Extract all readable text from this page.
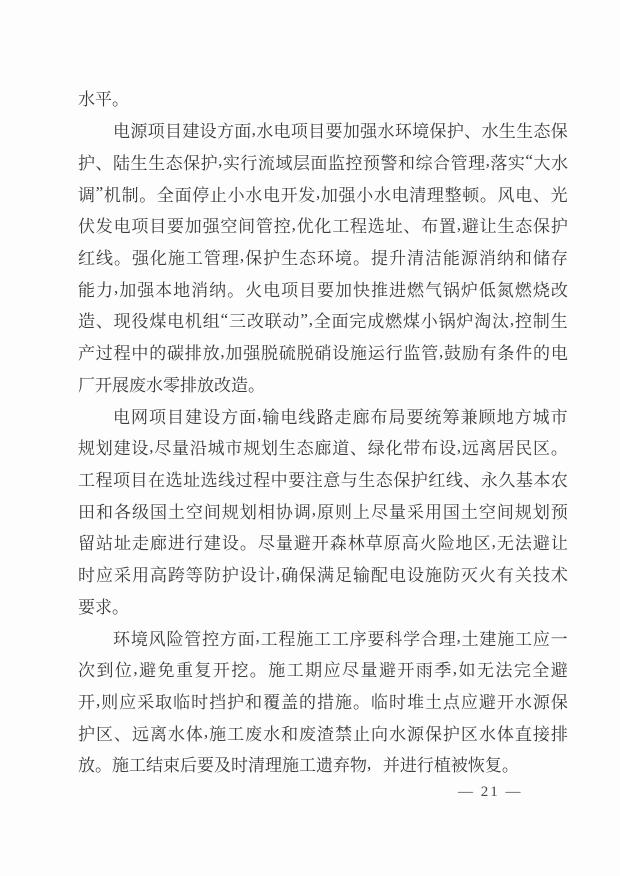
水 平 。
电 源 项 目 建 设 方 面 , 水 电 项 目 要 加 强 水 环 境 保 护 、 水 生 生 态 保
护 、 陆 生 生 态 保 护 , 实 行 流 域 层 面 监 控 预 警 和 综 合 管 理 , 落 实 “ 大 水
调 ” 机 制 。 全 面 停 止 小 水 电 开 发 , 加 强 小 水 电 清 理 整 顿 。 风 电 、 光
伏 发 电 项 目 要 加 强 空 间 管 控 , 优 化 工 程 选 址 、 布 置 , 避 让 生 态 保 护
红 线 。 强 化 施 工 管 理 , 保 护 生 态 环 境 。 提 升 清 洁 能 源 消 纳 和 储 存
能 力 , 加 强 本 地 消 纳 。 火 电 项 目 要 加 快 推 进 燃 气 锅 炉 低 氮 燃 烧 改
造 、 现 役 煤 电 机 组 “ 三 改 联 动 ” , 全 面 完 成 燃 煤 小 锅 炉 淘 汰 , 控 制 生
产 过 程 中 的 碳 排 放 , 加 强 脱 硫 脱 硝 设 施 运 行 监 管 , 鼓 励 有 条 件 的 电
厂 开 展 废 水 零 排 放 改 造 。
电 网 项 目 建 设 方 面 , 输 电 线 路 走 廊 布 局 要 统 筹 兼 顾 地 方 城 市
规 划 建 设 , 尽 量 沿 城 市 规 划 生 态 廊 道 、 绿 化 带 布 设 , 远 离 居 民 区 。
工 程 项 目 在 选 址 选 线 过 程 中 要 注 意 与 生 态 保 护 红 线 、 永 久 基 本 农
田 和 各 级 国 土 空 间 规 划 相 协 调 , 原 则 上 尽 量 采 用 国 土 空 间 规 划 预
留 站 址 走 廊 进 行 建 设 。 尽 量 避 开 森 林 草 原 高 火 险 地 区 , 无 法 避 让
时 应 采 用 高 跨 等 防 护 设 计 , 确 保 满 足 输 配 电 设 施 防 灭 火 有 关 技 术
要 求 。
环 境 风 险 管 控 方 面 , 工 程 施 工 工 序 要 科 学 合 理 , 土 建 施 工 应 一
次 到 位 , 避 免 重 复 开 挖 。 施 工 期 应 尽 量 避 开 雨 季 , 如 无 法 完 全 避
开 , 则 应 采 取 临 时 挡 护 和 覆 盖 的 措 施 。 临 时 堆 土 点 应 避 开 水 源 保
护 区 、 远 离 水 体 , 施 工 废 水 和 废 渣 禁 止 向 水 源 保 护 区 水 体 直 接 排
放 。 施 工 结 束 后 要 及 时 清 理 施 工 遗 弃 物 , 并 进 行 植 被 恢 复 。
— 21 —
